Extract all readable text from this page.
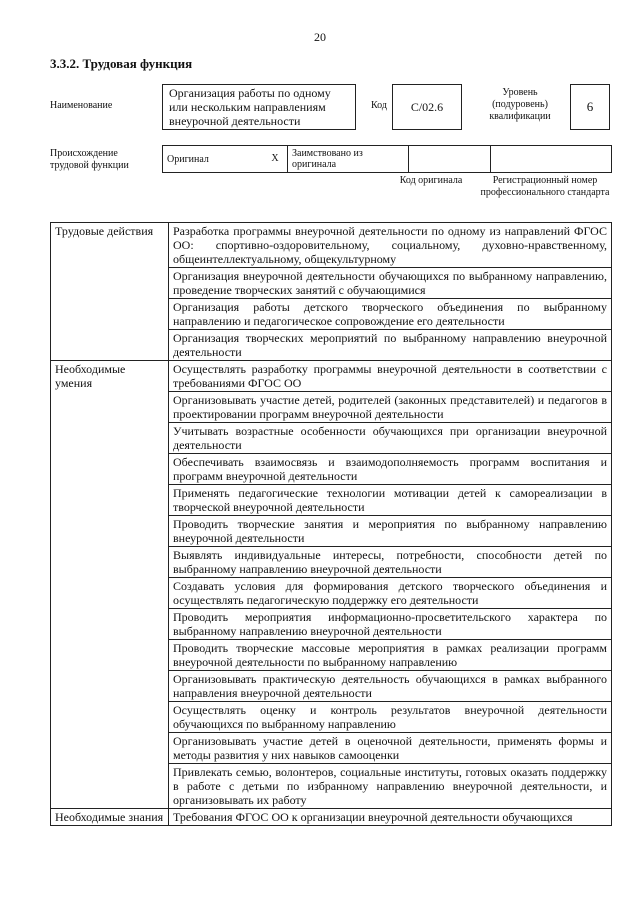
20
3.3.2. Трудовая функция
Наименование
Организация работы по одному или нескольким направлениям внеурочной деятельности
Код	С/02.6
Уровень (подуровень) квалификации
6
Происхождение трудовой функции
Оригинал	X	Заимствовано из оригинала
Код оригинала	Регистрационный номер профессионального стандарта
Трудовые действия	Разработка программы внеурочной деятельности по одному из направлений ФГОС ОО: спортивно-оздоровительному, социальному, духовно-нравственному, общеинтеллектуальному, общекультурному
	Организация внеурочной деятельности обучающихся по выбранному направлению, проведение творческих занятий с обучающимися
	Организация работы детского творческого объединения по выбранному направлению и педагогическое сопровождение его деятельности
	Организация творческих мероприятий по выбранному направлению внеурочной деятельности
Необходимые умения	Осуществлять разработку программы внеурочной деятельности в соответствии с требованиями ФГОС ОО
	Организовывать участие детей, родителей (законных представителей) и педагогов в проектировании программ внеурочной деятельности
	Учитывать возрастные особенности обучающихся при организации внеурочной деятельности
	Обеспечивать взаимосвязь и взаимодополняемость программ воспитания и программ внеурочной деятельности
	Применять педагогические технологии мотивации детей к самореализации в творческой внеурочной деятельности
	Проводить творческие занятия и мероприятия по выбранному направлению внеурочной деятельности
	Выявлять индивидуальные интересы, потребности, способности детей по выбранному направлению внеурочной деятельности
	Создавать условия для формирования детского творческого объединения и осуществлять педагогическую поддержку его деятельности
	Проводить мероприятия информационно-просветительского характера по выбранному направлению внеурочной деятельности
	Проводить творческие массовые мероприятия в рамках реализации программ внеурочной деятельности по выбранному направлению
	Организовывать практическую деятельность обучающихся в рамках выбранного направления внеурочной деятельности
	Осуществлять оценку и контроль результатов внеурочной деятельности обучающихся по выбранному направлению
	Организовывать участие детей в оценочной деятельности, применять формы и методы развития у них навыков самооценки
	Привлекать семью, волонтеров, социальные институты, готовых оказать поддержку в работе с детьми по избранному направлению внеурочной деятельности, и организовывать их работу
Необходимые знания	Требования ФГОС ОО к организации внеурочной деятельности обучающихся
